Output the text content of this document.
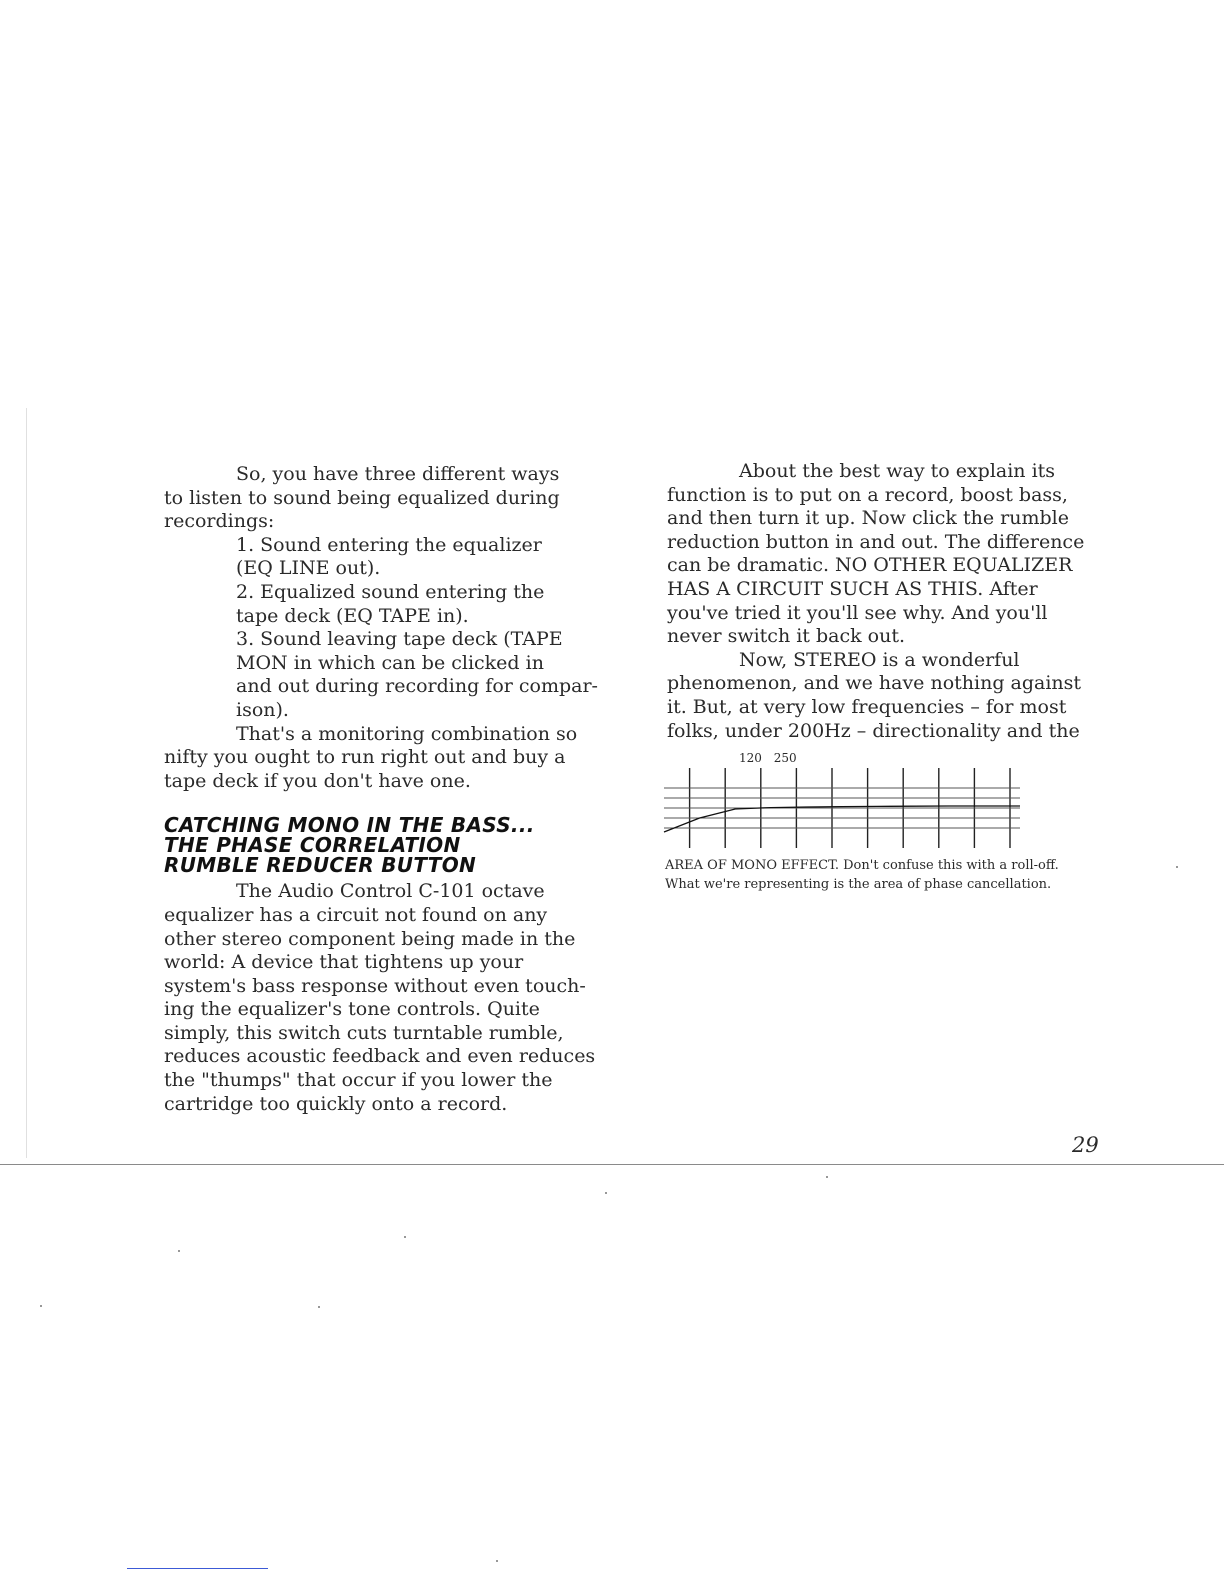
So, you have three different ways

to listen to sound being equalized during

recordings:

1. Sound entering the equalizer

(EQ LINE out).

2. Equalized sound entering the

tape deck (EQ TAPE in).

3. Sound leaving tape deck (TAPE

MON in which can be clicked in

and out during recording for compar-

ison).

That's a monitoring combination so

nifty you ought to run right out and buy a

tape deck if you don't have one.

CATCHING MONO IN THE BASS...
THE PHASE CORRELATION
RUMBLE REDUCER BUTTON

The Audio Control C-101 octave

equalizer has a circuit not found on any

other stereo component being made in the

world: A device that tightens up your

system's bass response without even touch-

ing the equalizer's tone controls. Quite

simply, this switch cuts turntable rumble,

reduces acoustic feedback and even reduces

the "thumps" that occur if you lower the

cartridge too quickly onto a record.

About the best way to explain its

function is to put on a record, boost bass,

and then turn it up. Now click the rumble

reduction button in and out. The difference

can be dramatic. NO OTHER EQUALIZER

HAS A CIRCUIT SUCH AS THIS. After

you've tried it you'll see why. And you'll

never switch it back out.

Now, STEREO is a wonderful

phenomenon, and we have nothing against

it. But, at very low frequencies – for most

folks, under 200Hz – directionality and the

120 250
AREA OF MONO EFFECT. Don't confuse this with a roll-off.
What we're representing is the area of phase cancellation.
29
